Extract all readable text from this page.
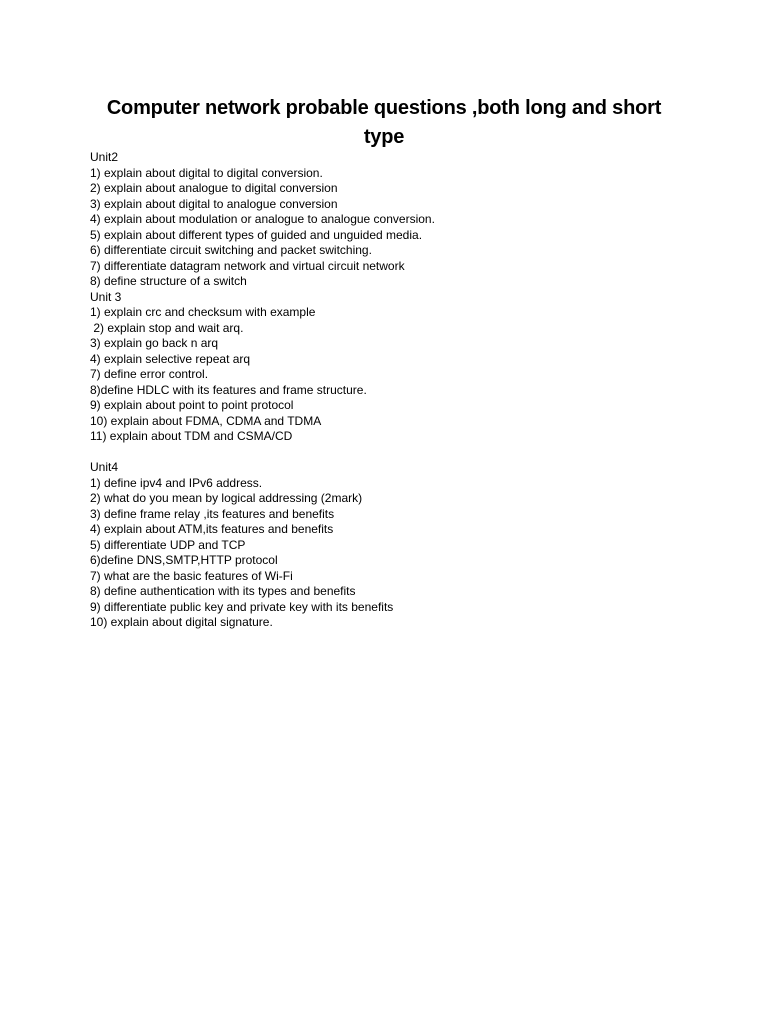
Computer network probable questions ,both long and short type
Unit2
1) explain about digital to digital conversion.
2) explain about analogue to digital conversion
3) explain about digital to analogue conversion
4) explain about modulation or analogue to analogue conversion.
5) explain about different types of guided and unguided media.
6) differentiate circuit switching and packet switching.
7) differentiate datagram network and virtual circuit network
8) define structure of a switch
Unit 3
1) explain crc and checksum with example
2) explain stop and wait arq.
3) explain go back n arq
4) explain selective repeat arq
7) define error control.
8)define HDLC with its features and frame structure.
9) explain about point to point protocol
10) explain about FDMA, CDMA and TDMA
11) explain about TDM and CSMA/CD
Unit4
1) define ipv4 and IPv6 address.
2) what do you mean by logical addressing (2mark)
3) define frame relay ,its features and benefits
4) explain about ATM,its features and benefits
5) differentiate UDP and TCP
6)define DNS,SMTP,HTTP protocol
7) what are the basic features of Wi-Fi
8) define authentication with its types and benefits
9) differentiate public key and private key with its benefits
10) explain about digital signature.
